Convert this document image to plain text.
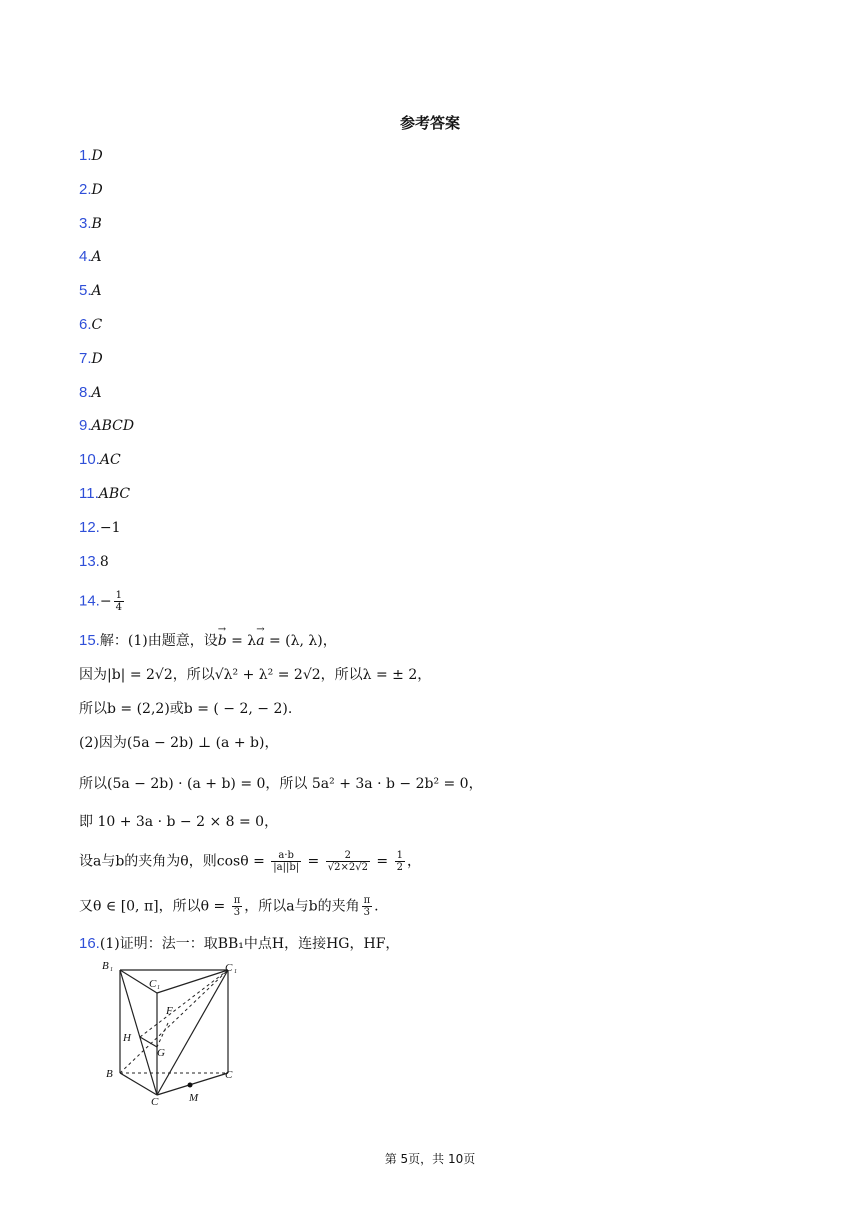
参考答案
1.D
2.D
3.B
4.A
5.A
6.C
7.D
8.A
9.ABCD
10.AC
11.ABC
12.−1
13.8
$14.- \frac{1}{4}$
15.解：(1)由题意，设→ b = λ→ a = (λ, λ)，
因为|b| = 2√2，所以√λ² + λ² = 2√2，所以λ = ± 2，
所以b = (2,2)或b = ( − 2, − 2).
(2)因为(5a − 2b) ⊥ (a + b)，
所以(5a − 2b) · (a + b) = 0，所以 5a² + 3a · b − 2b² = 0，
即 10 + 3a · b − 2 × 8 = 0，
设a与b的夹角为θ，则$\cos\theta = \frac{a\cdot b}{|a||b|} = \frac{2}{√2\times 2√2} = \frac{1}{2}$ ，
又θ ∈ [0, π]，所以$\theta = \frac{\pi}{3}$ ，所以a与b的夹角 $\frac{\pi}{3}$ .
16.(1)证明：法一：取BB₁中点H，连接HG，HF，
B 1
C 1
C 1
F
H
G
B
C
C
M
第 5页，共 10页
